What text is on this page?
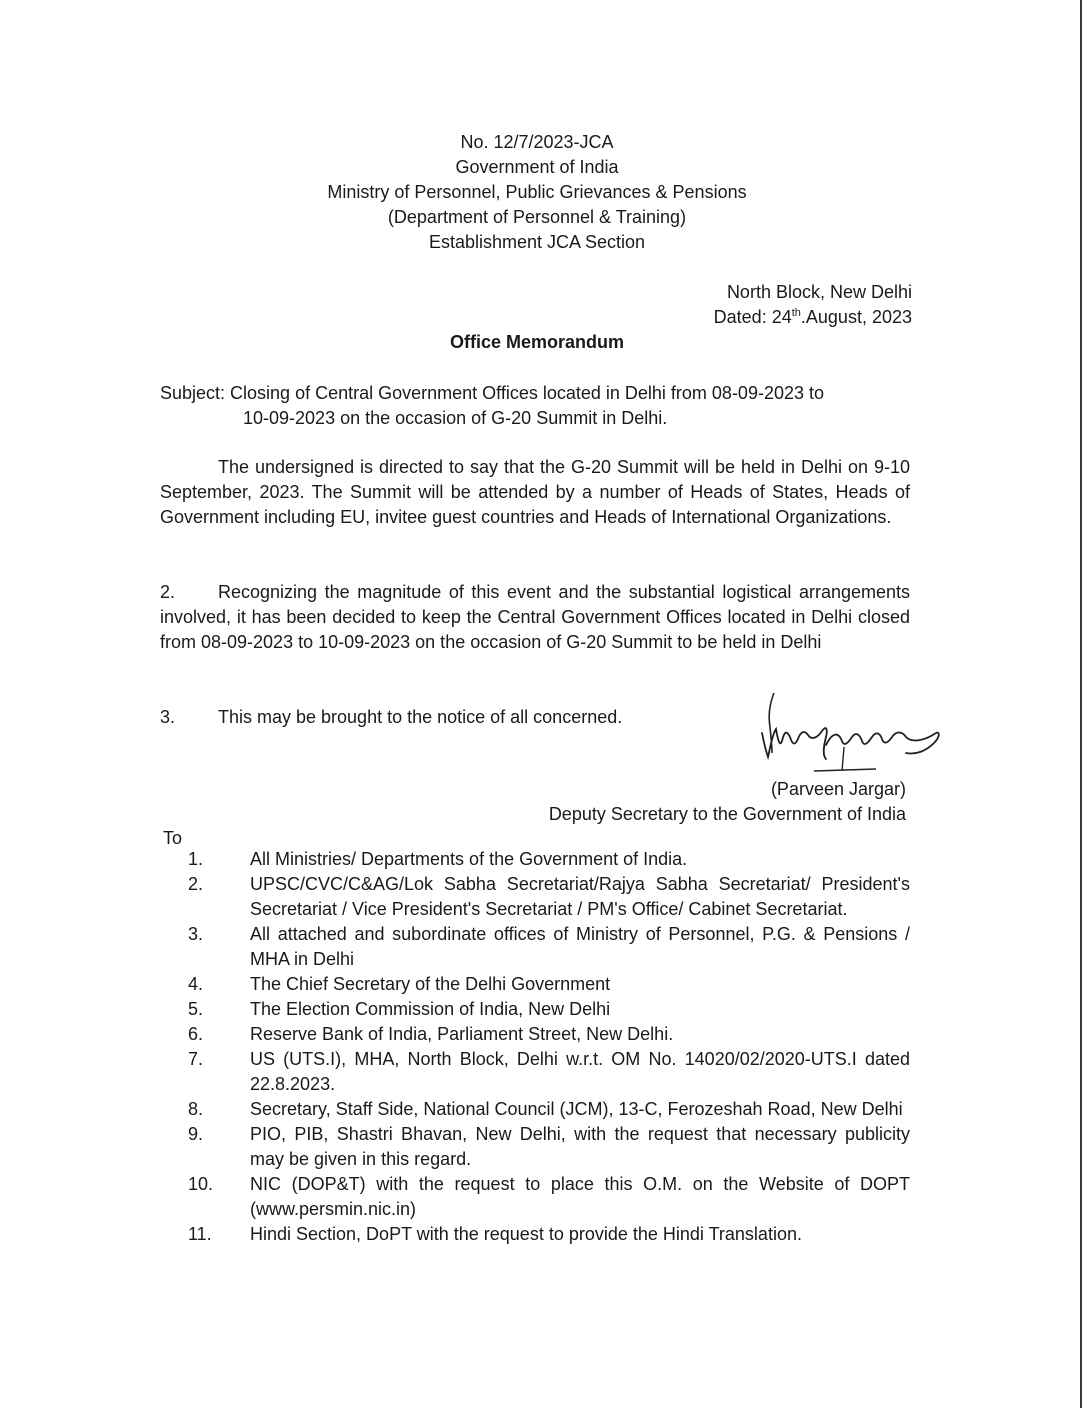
No. 12/7/2023-JCA
Government of India
Ministry of Personnel, Public Grievances & Pensions
(Department of Personnel & Training)
Establishment JCA Section
North Block, New Delhi
Dated: 24th.August, 2023
Office Memorandum
Subject: Closing of Central Government Offices located in Delhi from 08-09-2023 to
10-09-2023 on the occasion of G-20 Summit in Delhi.
The undersigned is directed to say that the G-20 Summit will be held in Delhi on 9-10 September, 2023. The Summit will be attended by a number of Heads of States, Heads of Government including EU, invitee guest countries and Heads of International Organizations.
2. Recognizing the magnitude of this event and the substantial logistical arrangements involved, it has been decided to keep the Central Government Offices located in Delhi closed from 08-09-2023 to 10-09-2023 on the occasion of G-20 Summit to be held in Delhi
3. This may be brought to the notice of all concerned.
(Parveen Jargar)
Deputy Secretary to the Government of India
To
1.	All Ministries/ Departments of the Government of India.
2.	UPSC/CVC/C&AG/Lok Sabha Secretariat/Rajya Sabha Secretariat/ President's Secretariat / Vice President's Secretariat / PM's Office/ Cabinet Secretariat.
3.	All attached and subordinate offices of Ministry of Personnel, P.G. & Pensions / MHA in Delhi
4.	The Chief Secretary of the Delhi Government
5.	The Election Commission of India, New Delhi
6.	Reserve Bank of India, Parliament Street, New Delhi.
7.	US (UTS.I), MHA, North Block, Delhi w.r.t. OM No. 14020/02/2020-UTS.I dated 22.8.2023.
8.	Secretary, Staff Side, National Council (JCM), 13-C, Ferozeshah Road, New Delhi
9.	PIO, PIB, Shastri Bhavan, New Delhi, with the request that necessary publicity may be given in this regard.
10.	NIC (DOP&T) with the request to place this O.M. on the Website of DOPT (www.persmin.nic.in)
11.	Hindi Section, DoPT with the request to provide the Hindi Translation.
